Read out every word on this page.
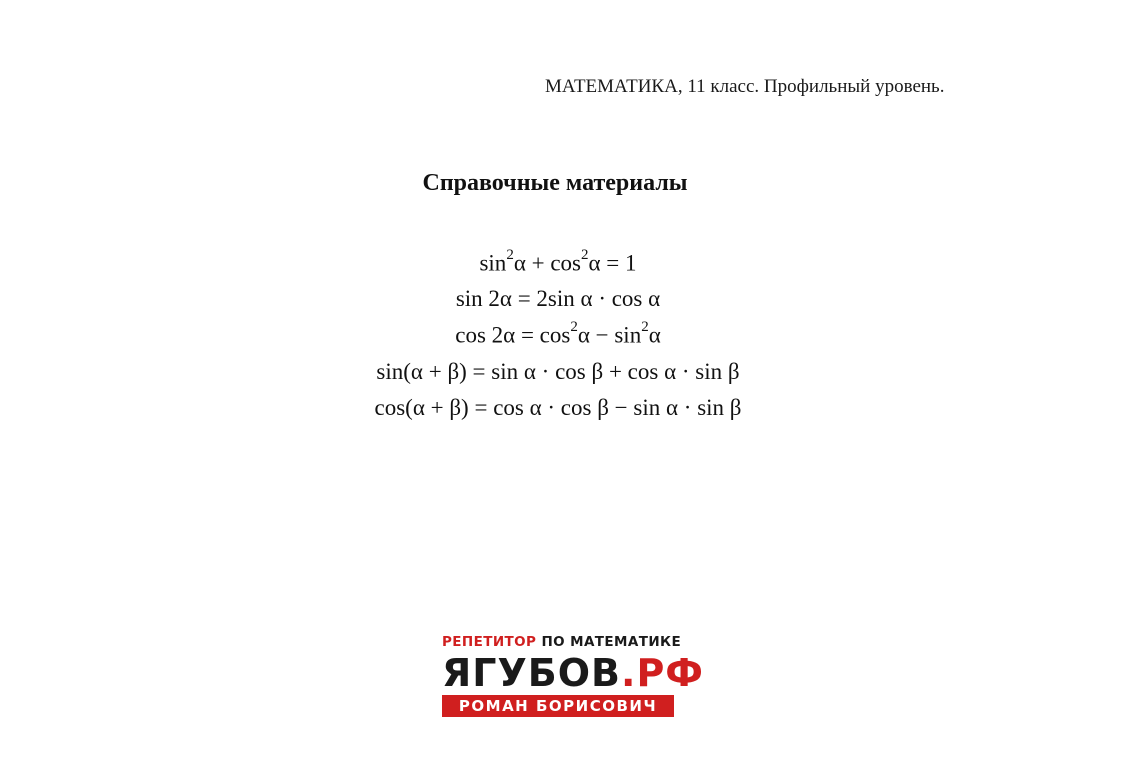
МАТЕМАТИКА, 11 класс. Профильный уровень.
Справочные материалы
$\sin^2\alpha + \cos^2\alpha = 1$
sin 2α = 2sin α · cos α
$\cos 2\alpha = \cos^2\alpha - \sin^2\alpha$
sin(α + β) = sin α · cos β + cos α · sin β
cos(α + β) = cos α · cos β − sin α · sin β
РЕПЕТИТОР ПО МАТЕМАТИКЕ
ЯГУБОВ.РФ
РОМАН БОРИСОВИЧ
